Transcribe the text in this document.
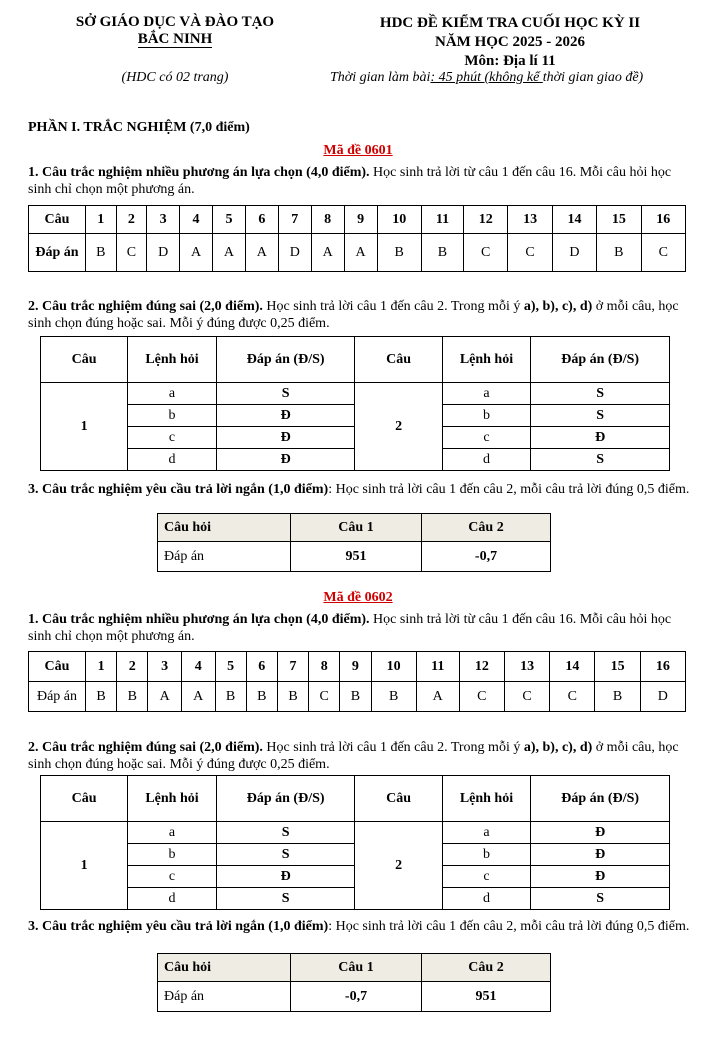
SỞ GIÁO DỤC VÀ ĐÀO TẠO
BẮC NINH
(HDC có 02 trang)
HDC ĐỀ KIỂM TRA CUỐI HỌC KỲ II
NĂM HỌC 2025 - 2026
Môn: Địa lí 11
Thời gian làm bài: 45 phút (không kể thời gian giao đề)
PHẦN I. TRẮC NGHIỆM (7,0 điểm)
Mã đề 0601
1. Câu trắc nghiệm nhiều phương án lựa chọn (4,0 điểm). Học sinh trả lời từ câu 1 đến câu 16. Mỗi câu hỏi học sinh chỉ chọn một phương án.
Câu	1	2	3	4	5	6	7	8	9	10	11	12	13	14	15	16
Đáp án	B	C	D	A	A	A	D	A	A	B	B	C	C	D	B	C
2. Câu trắc nghiệm đúng sai (2,0 điểm). Học sinh trả lời câu 1 đến câu 2. Trong mỗi ý a), b), c), d) ở mỗi câu, học sinh chọn đúng hoặc sai. Mỗi ý đúng được 0,25 điểm.
Câu	Lệnh hỏi	Đáp án (Đ/S)	Câu	Lệnh hỏi	Đáp án (Đ/S)
1	a	S	2	a	S
	b	Đ		b	S
	c	Đ		c	Đ
	d	Đ		d	S
3. Câu trắc nghiệm yêu cầu trả lời ngắn (1,0 điểm): Học sinh trả lời câu 1 đến câu 2, mỗi câu trả lời đúng 0,5 điểm.
Câu hỏi	Câu 1	Câu 2
Đáp án	951	-0,7
Mã đề 0602
1. Câu trắc nghiệm nhiều phương án lựa chọn (4,0 điểm). Học sinh trả lời từ câu 1 đến câu 16. Mỗi câu hỏi học sinh chỉ chọn một phương án.
Câu	1	2	3	4	5	6	7	8	9	10	11	12	13	14	15	16
Đáp án	B	B	A	A	B	B	B	C	B	B	A	C	C	C	B	D
2. Câu trắc nghiệm đúng sai (2,0 điểm). Học sinh trả lời câu 1 đến câu 2. Trong mỗi ý a), b), c), d) ở mỗi câu, học sinh chọn đúng hoặc sai. Mỗi ý đúng được 0,25 điểm.
Câu	Lệnh hỏi	Đáp án (Đ/S)	Câu	Lệnh hỏi	Đáp án (Đ/S)
1	a	S	2	a	Đ
	b	S		b	Đ
	c	Đ		c	Đ
	d	S		d	S
3. Câu trắc nghiệm yêu cầu trả lời ngắn (1,0 điểm): Học sinh trả lời câu 1 đến câu 2, mỗi câu trả lời đúng 0,5 điểm.
Câu hỏi	Câu 1	Câu 2
Đáp án	-0,7	951
